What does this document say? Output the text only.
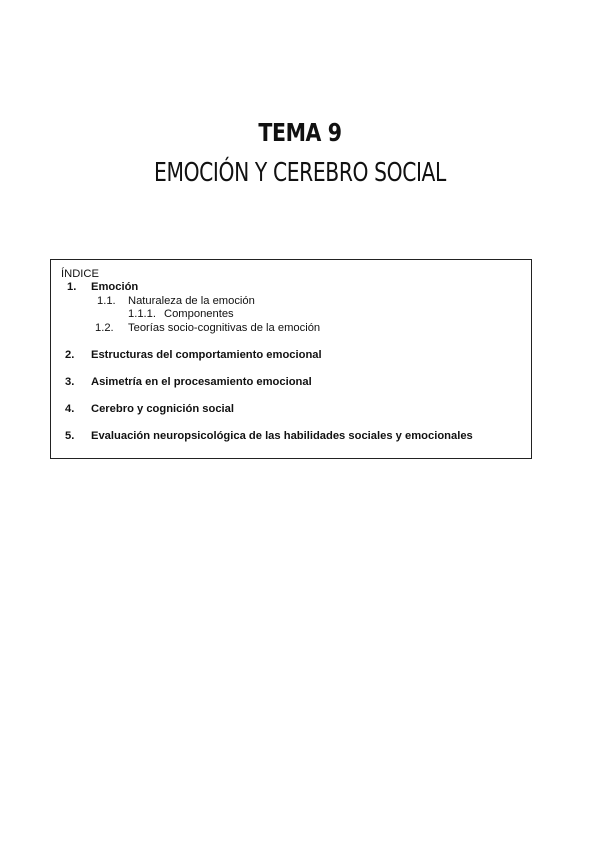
TEMA 9
EMOCIÓN Y CEREBRO SOCIAL
ÍNDICE
1. Emoción
1.1. Naturaleza de la emoción
1.1.1. Componentes
1.2. Teorías socio-cognitivas de la emoción
2. Estructuras del comportamiento emocional
3. Asimetría en el procesamiento emocional
4. Cerebro y cognición social
5. Evaluación neuropsicológica de las habilidades sociales y emocionales
